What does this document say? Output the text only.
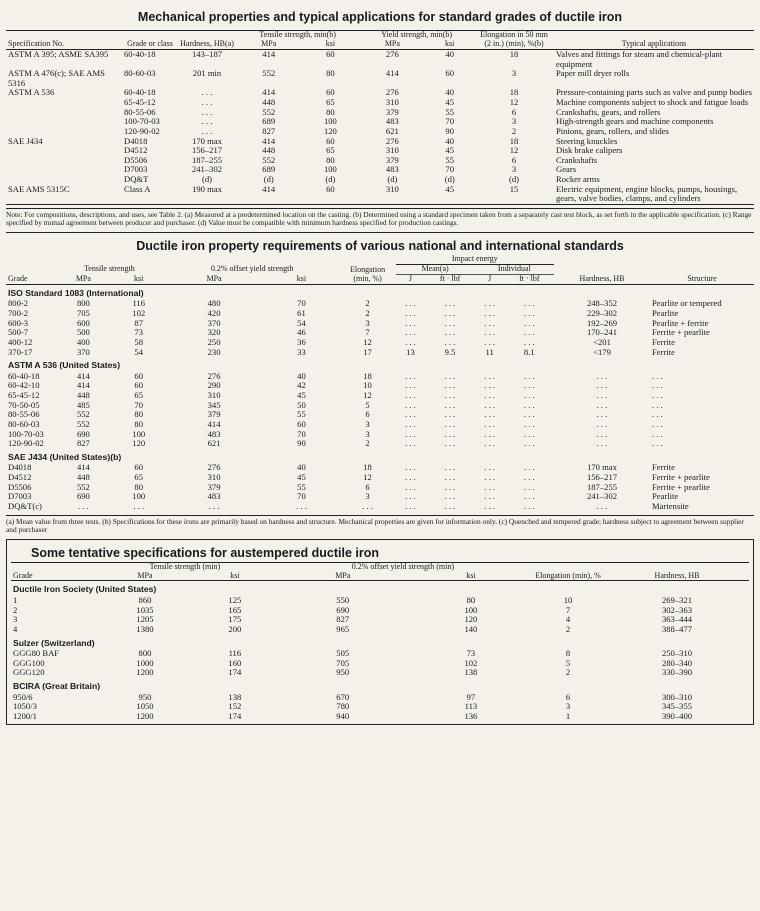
Mechanical properties and typical applications for standard grades of ductile iron
Specification No.	Grade or class	Hardness, HB(a)	Tensile strength, min(b)		Yield strength, min(b)		Elongation in 50 mm (2 in.) (min), %(b)	Typical applications
			MPa	ksi	MPa	ksi		
ASTM A 395; ASME SA395	60-40-18	143–187	414	60	276	40	18	Valves and fittings for steam and chemical-plant equipment
ASTM A 476(c); SAE AMS 5316	80-60-03	201 min	552	80	414	60	3	Paper mill dryer rolls
ASTM A 536	60-40-18	. . .	414	60	276	40	18	Pressure-containing parts such as valve and pump bodies
	65-45-12	. . .	448	65	310	45	12	Machine components subject to shock and fatigue loads
	80-55-06	. . .	552	80	379	55	6	Crankshafts, gears, and rollers
	100-70-03	. . .	689	100	483	70	3	High-strength gears and machine components
	120-90-02	. . .	827	120	621	90	2	Pinions, gears, rollers, and slides
SAE J434	D4018	170 max	414	60	276	40	18	Steering knuckles
	D4512	156–217	448	65	310	45	12	Disk brake calipers
	D5506	187–255	552	80	379	55	6	Crankshafts
	D7003	241–302	689	100	483	70	3	Gears
	DQ&T	(d)	(d)	(d)	(d)	(d)	(d)	Rocker arms
SAE AMS 5315C	Class A	190 max	414	60	310	45	15	Electric equipment, engine blocks, pumps, housings, gears, valve bodies, clamps, and cylinders
Note: For compositions, descriptions, and uses, see Table 2. (a) Measured at a predetermined location on the casting. (b) Determined using a standard specimen taken from a separately cast test block, as set forth in the applicable specification. (c) Range specified by mutual agreement between producer and purchaser. (d) Value must be compatible with minimum hardness specified for production castings.
Ductile iron property requirements of various national and international standards
Grade	Tensile strength		0.2% offset yield strength		Elongation (min, %)	Impact energy				Hardness, HB	Structure
						Mean(a)		Individual			
	MPa	ksi	MPa	ksi		J	ft · lbf	J	ft · lbf		
ISO Standard 1083 (International)											
800-2	800	116	480	70	2	. . .	. . .	. . .	. . .	248–352	Pearlite or tempered
700-2	705	102	420	61	2	. . .	. . .	. . .	. . .	229–302	Pearlite
600-3	600	87	370	54	3	. . .	. . .	. . .	. . .	192–269	Pearlite + ferrite
500-7	500	73	320	46	7	. . .	. . .	. . .	. . .	170–241	Ferrite + pearlite
400-12	400	58	250	36	12	. . .	. . .	. . .	. . .	<201	Ferrite
370-17	370	54	230	33	17	13	9.5	11	8.1	<179	Ferrite
ASTM A 536 (United States)											
60-40-18	414	60	276	40	18	. . .	. . .	. . .	. . .	. . .	. . .
60-42-10	414	60	290	42	10	. . .	. . .	. . .	. . .	. . .	. . .
65-45-12	448	65	310	45	12	. . .	. . .	. . .	. . .	. . .	. . .
70-50-05	485	70	345	50	5	. . .	. . .	. . .	. . .	. . .	. . .
80-55-06	552	80	379	55	6	. . .	. . .	. . .	. . .	. . .	. . .
80-60-03	552	80	414	60	3	. . .	. . .	. . .	. . .	. . .	. . .
100-70-03	690	100	483	70	3	. . .	. . .	. . .	. . .	. . .	. . .
120-90-02	827	120	621	90	2	. . .	. . .	. . .	. . .	. . .	. . .
SAE J434 (United States)(b)											
D4018	414	60	276	40	18	. . .	. . .	. . .	. . .	170 max	Ferrite
D4512	448	65	310	45	12	. . .	. . .	. . .	. . .	156–217	Ferrite + pearlite
D5506	552	80	379	55	6	. . .	. . .	. . .	. . .	187–255	Ferrite + pearlite
D7003	690	100	483	70	3	. . .	. . .	. . .	. . .	241–302	Pearlite
DQ&T(c)	. . .	. . .	. . .	. . .	. . .	. . .	. . .	. . .	. . .	. . .	Martensite
(a) Mean value from three tests. (b) Specifications for these irons are primarily based on hardness and structure. Mechanical properties are given for information only. (c) Quenched and tempered grade; hardness subject to agreement between supplier and purchaser
Some tentative specifications for austempered ductile iron
Grade	Tensile strength (min)		0.2% offset yield strength (min)		Elongation (min), %	Hardness, HB
	MPa	ksi	MPa	ksi		
Ductile Iron Society (United States)						
1	860	125	550	80	10	269–321
2	1035	165	690	100	7	302–363
3	1205	175	827	120	4	363–444
4	1380	200	965	140	2	388–477
Sulzer (Switzerland)						
GGG80 BAF	800	116	505	73	8	250–310
GGG100	1000	160	705	102	5	280–340
GGG120	1200	174	950	138	2	330–390
BCIRA (Great Britain)						
950/6	950	138	670	97	6	300–310
1050/3	1050	152	780	113	3	345–355
1200/1	1200	174	940	136	1	390–400
